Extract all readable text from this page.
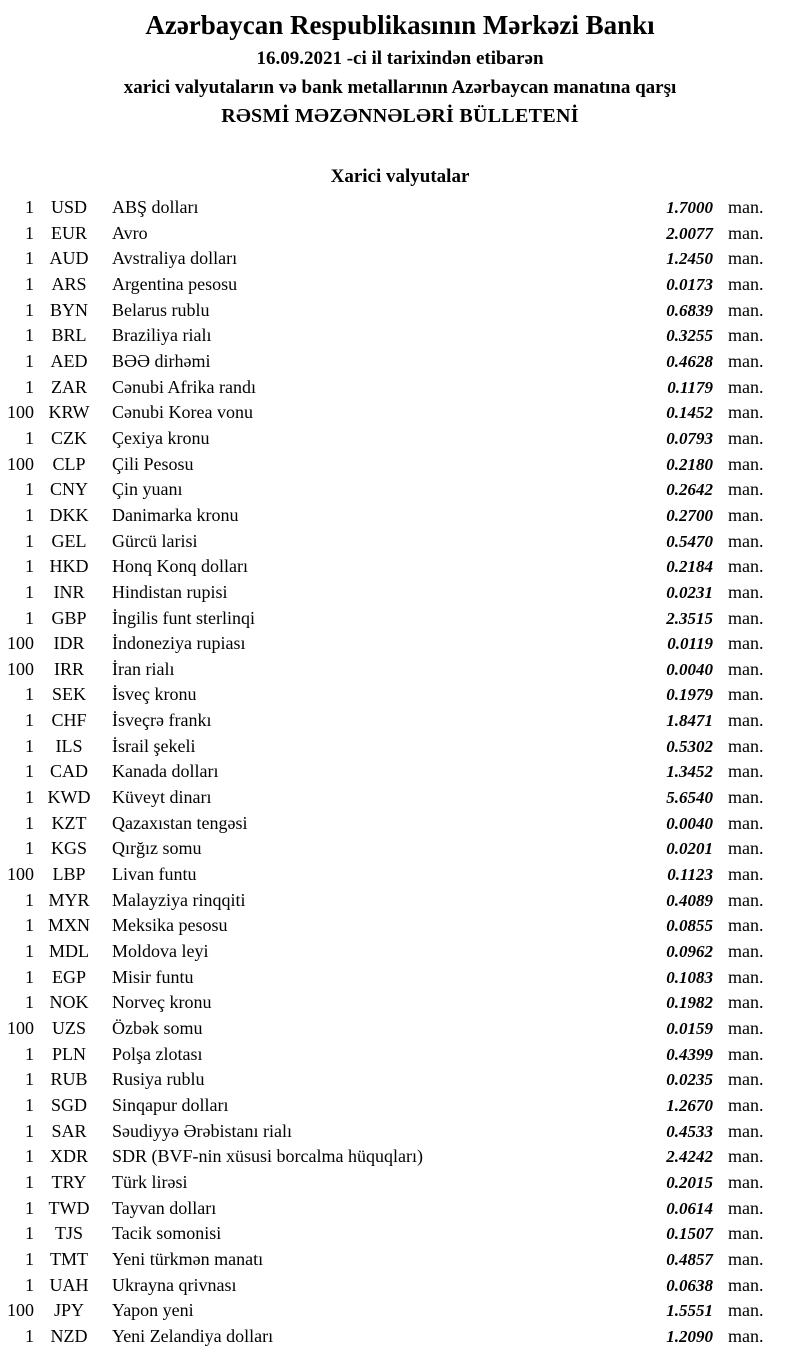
Azərbaycan Respublikasının Mərkəzi Bankı

16.09.2021 -ci il tarixindən etibarən

xarici valyutaların və bank metallarının Azərbaycan manatına qarşı

RƏSMİ MƏZƏNNƏLƏRİ BÜLLETENİ

Xarici valyutalar
1 USD	ABŞ dolları	1.7000 man.
1 EUR	Avro	2.0077 man.
1 AUD	Avstraliya dolları	1.2450 man.
1 ARS	Argentina pesosu	0.0173 man.
1 BYN	Belarus rublu	0.6839 man.
1 BRL	Braziliya rialı	0.3255 man.
1 AED	BƏƏ dirhəmi	0.4628 man.
1 ZAR	Cənubi Afrika randı	0.1179 man.
100 KRW	Cənubi Korea vonu	0.1452 man.
1 CZK	Çexiya kronu	0.0793 man.
100	CLP	Çili Pesosu	0.2180 man.
1 CNY	Çin yuanı	0.2642 man.
1 DKK	Danimarka kronu	0.2700 man.
1 GEL	Gürcü larisi	0.5470 man.
1 HKD	Honq Konq dolları	0.2184 man.
1	INR	Hindistan rupisi	0.0231 man.
1 GBP	İngilis funt sterlinqi	2.3515 man.
100	IDR	İndoneziya rupiası	0.0119 man.
100	IRR	İran rialı	0.0040 man.
1 SEK	İsveç kronu	0.1979 man.
1 CHF	İsveçrə frankı	1.8471 man.
1	ILS	İsrail şekeli	0.5302 man.
1 CAD	Kanada dolları	1.3452 man.
1 KWD	Küveyt dinarı	5.6540 man.
1 KZT	Qazaxıstan tengəsi	0.0040 man.
1 KGS	Qırğız somu	0.0201 man.
100	LBP	Livan funtu	0.1123 man.
1 MYR	Malayziya rinqqiti	0.4089 man.
1 MXN	Meksika pesosu	0.0855 man.
1 MDL	Moldova leyi	0.0962 man.
1 EGP	Misir funtu	0.1083 man.
1 NOK	Norveç kronu	0.1982 man.
100 UZS	Özbək somu	0.0159 man.
1 PLN	Polşa zlotası	0.4399 man.
1 RUB	Rusiya rublu	0.0235 man.
1 SGD	Sinqapur dolları	1.2670 man.
1 SAR	Səudiyyə Ərəbistanı rialı	0.4533 man.
1 XDR	SDR (BVF-nin xüsusi borcalma hüquqları)	2.4242 man.
1 TRY	Türk lirəsi	0.2015 man.
1 TWD	Tayvan dolları	0.0614 man.
1	TJS	Tacik somonisi	0.1507 man.
1 TMT	Yeni türkmən manatı	0.4857 man.
1 UAH	Ukrayna qrivnası	0.0638 man.
100	JPY	Yapon yeni	1.5551 man.
1 NZD	Yeni Zelandiya dolları	1.2090 man.
